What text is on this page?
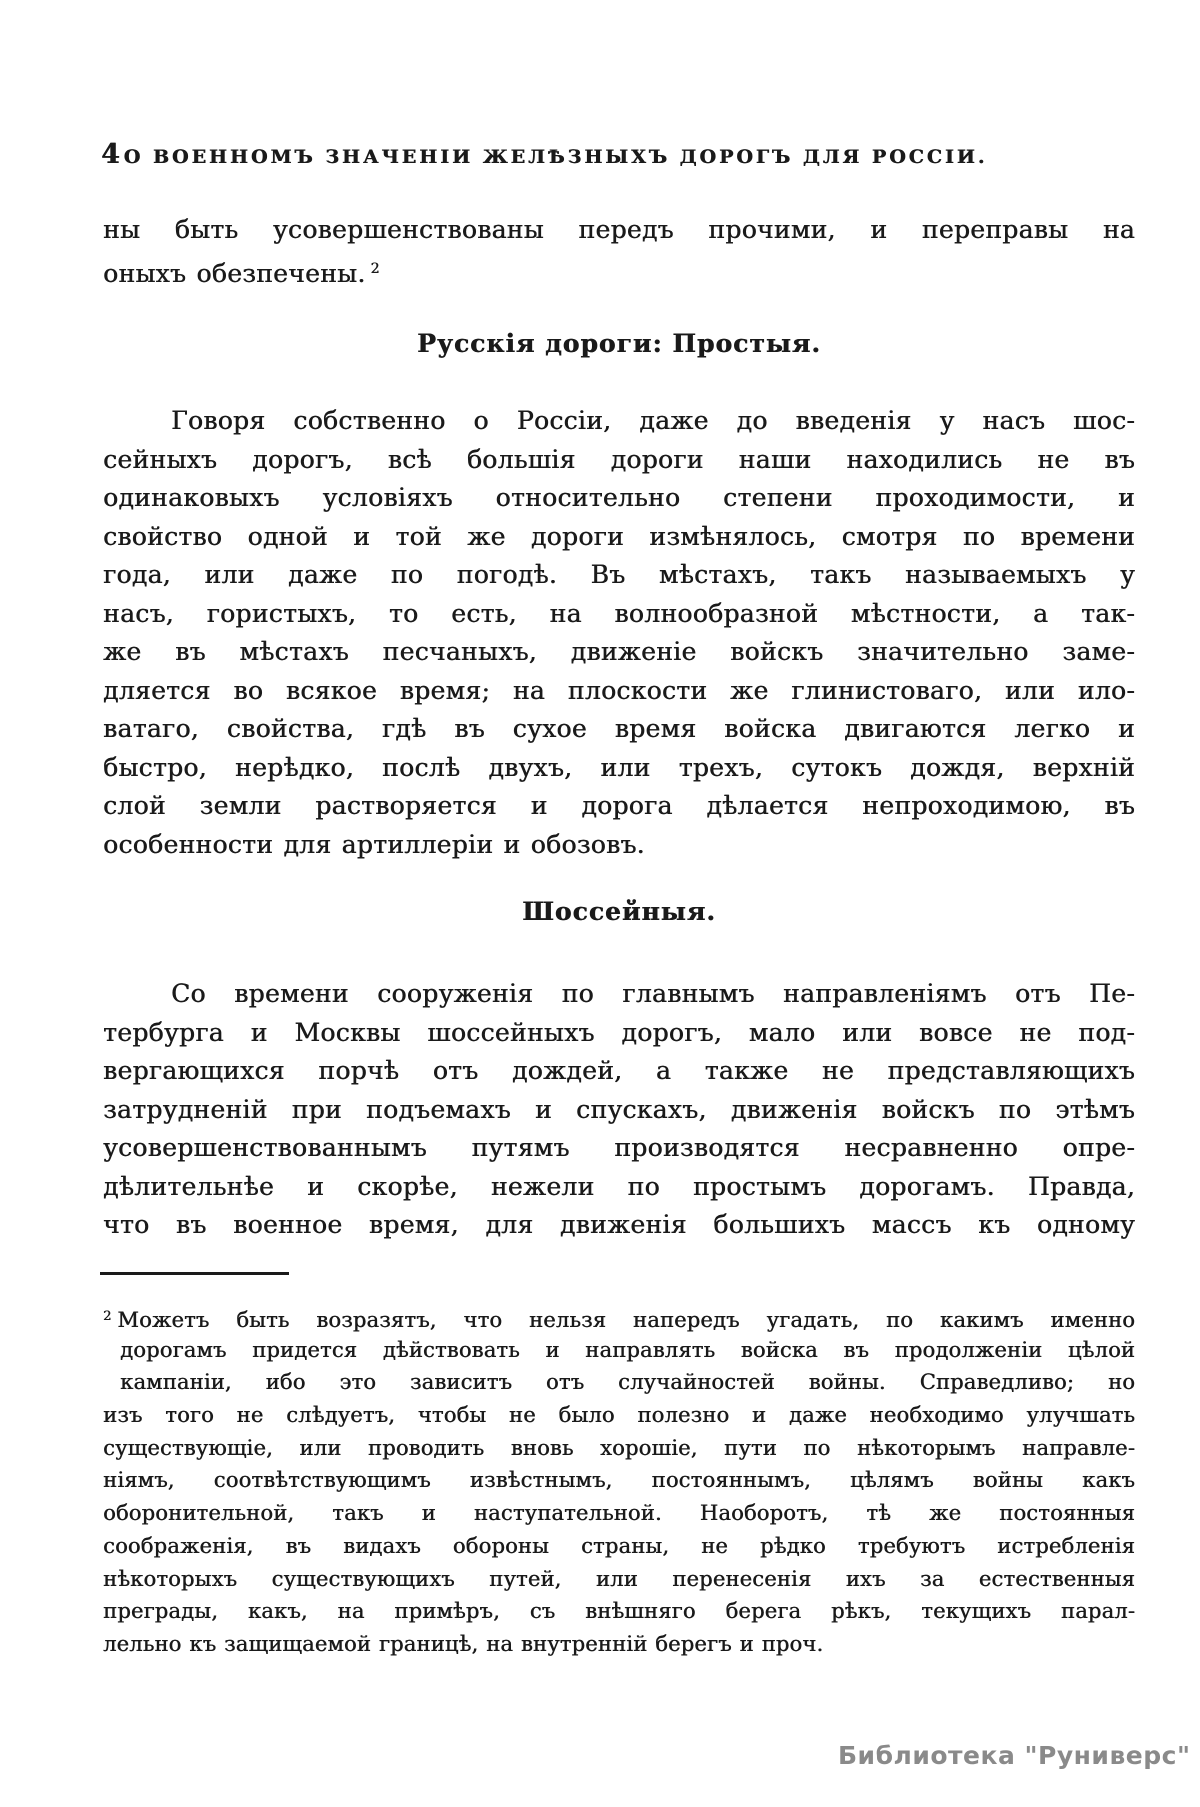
4 О ВОЕННОМЪ ЗНАЧЕНІИ ЖЕЛѢЗНЫХЪ ДОРОГЪ ДЛЯ РОССІИ.
ны быть усовершенствованы передъ прочими, и переправы на
оныхъ обезпечены. $^2$
Русскія дороги: Простыя.
Говоря собственно о Россіи, даже до введенія у насъ шос-
сейныхъ дорогъ, всѣ большія дороги наши находились не въ
одинаковыхъ условіяхъ относительно степени проходимости, и
свойство одной и той же дороги измѣнялось, смотря по времени
года, или даже по погодѣ. Въ мѣстахъ, такъ называемыхъ у
насъ, гористыхъ, то есть, на волнообразной мѣстности, а так-
же въ мѣстахъ песчаныхъ, движеніе войскъ значительно заме-
дляется во всякое время; на плоскости же глинистоваго, или ило-
ватаго, свойства, гдѣ въ сухое время войска двигаются легко и
быстро, нерѣдко, послѣ двухъ, или трехъ, сутокъ дождя, верхній
слой земли растворяется и дорога дѣлается непроходимою, въ
особенности для артиллеріи и обозовъ.
Шоссейныя.
Со времени сооруженія по главнымъ направленіямъ отъ Пе-
тербурга и Москвы шоссейныхъ дорогъ, мало или вовсе не под-
вергающихся порчѣ отъ дождей, а также не представляющихъ
затрудненій при подъемахъ и спускахъ, движенія войскъ по этѣмъ
усовершенствованнымъ путямъ производятся несравненно опре-
дѣлительнѣе и скорѣе, нежели по простымъ дорогамъ. Правда,
что въ военное время, для движенія большихъ массъ къ одному
$^2$ Можетъ быть возразятъ, что нельзя напередъ угадать, по какимъ именно
дорогамъ придется дѣйствовать и направлять войска въ продолженіи цѣлой
кампаніи, ибо это зависитъ отъ случайностей войны. Справедливо; но
изъ того не слѣдуетъ, чтобы не было полезно и даже необходимо улучшать
существующіе, или проводить вновь хорошіе, пути по нѣкоторымъ направле-
ніямъ, соотвѣтствующимъ извѣстнымъ, постояннымъ, цѣлямъ войны какъ
оборонительной, такъ и наступательной. Наоборотъ, тѣ же постоянныя
соображенія, въ видахъ обороны страны, не рѣдко требуютъ истребленія
нѣкоторыхъ существующихъ путей, или перенесенія ихъ за естественныя
преграды, какъ, на примѣръ, съ внѣшняго берега рѣкъ, текущихъ парал-
лельно къ защищаемой границѣ, на внутренній берегъ и проч.
Библиотека "Руниверс"
